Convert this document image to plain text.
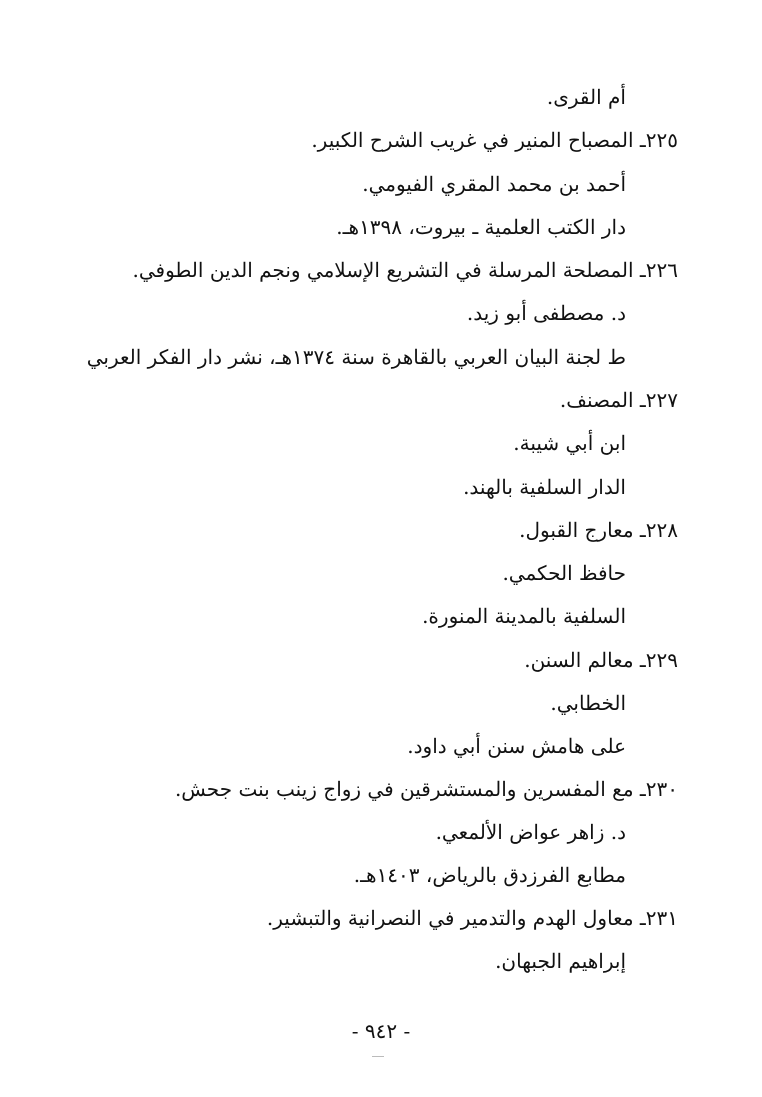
أم القرى.
٢٢٥ـ المصباح المنير في غريب الشرح الكبير.
أحمد بن محمد المقري الفيومي.
دار الكتب العلمية ـ بيروت، ١٣٩٨هـ.
٢٢٦ـ المصلحة المرسلة في التشريع الإسلامي ونجم الدين الطوفي.
د. مصطفى أبو زيد.
ط لجنة البيان العربي بالقاهرة سنة ١٣٧٤هـ، نشر دار الفكر العربي
٢٢٧ـ المصنف.
ابن أبي شيبة.
الدار السلفية بالهند.
٢٢٨ـ معارج القبول.
حافظ الحكمي.
السلفية بالمدينة المنورة.
٢٢٩ـ معالم السنن.
الخطابي.
على هامش سنن أبي داود.
٢٣٠ـ مع المفسرين والمستشرقين في زواج زينب بنت جحش.
د. زاهر عواض الألمعي.
مطابع الفرزدق بالرياض، ١٤٠٣هـ.
٢٣١ـ معاول الهدم والتدمير في النصرانية والتبشير.
إبراهيم الجبهان.
- ٩٤٢ -
